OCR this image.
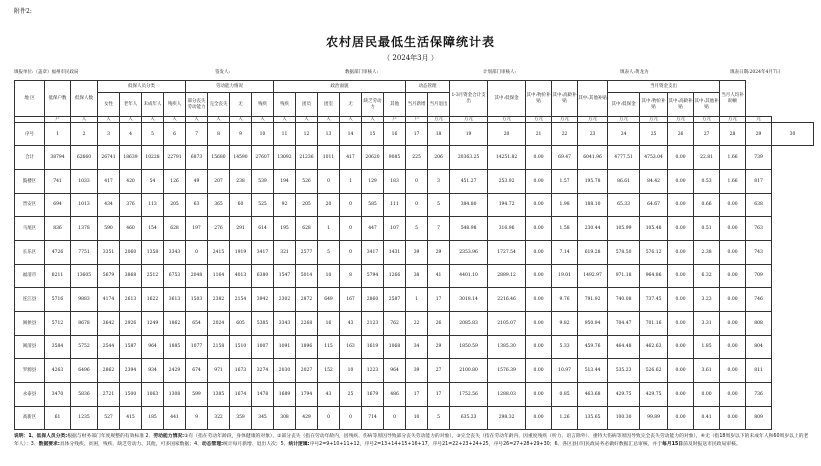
附件2:
农村居民最低生活保障统计表
（ 2024年3月 ）
填报单位:（盖章）福州市民政局	签发人:	数据部门审核人:	计划部门审核人:	填表人:黄龙为	填表日期:2024年4月7日
地 区	低保户数	低保人数	低保人员分类				劳动能力情况				政治面貌						动态管理		1-3月资金合计支出	其中:低保金	其中:物价补贴	其中:高龄补贴	其中:其他补贴	当月资金支出				当月人均补助额		
			女性	老年人	未成年人	残疾人	部分丧失劳动能力	完全丧失	无	残疾	残疾	团员	团室	无	缺乏劳动力	其他	当月新增	当月退出						其中:低保金	其中:物价补贴	其中:高龄补贴	其中:其他补贴			
	户	人	人	人	人	人	人	人	人	人	人	人	人	人	人	户	户	万元	万元	万元	万元	万元	万元	万元	万元	万元	万元	万元	元	
序号	1	2	3	4	5	6	7	8	9	10	11	12	13	14	15	16	17	18	19	20	21	22	23	24	25	26	27	28	29	30
合计	38794	62660	26741	18639	10228	22791	6873	15680	14590	27607	13092	21236	1011	417	20620	9085	225	206	20363.25	14251.82	0.00	69.47	6041.96	4777.51	4753.04	0.00	22.81	1.66	739	
鼓楼区	741	1033	417	420	54	126	49	207	238	539	194	526	0	1	129	183	0	3	451.27	253.92	0.00	1.57	195.78	86.61	84.42	0.00	0.53	1.66	817	
晋安区	694	1013	434	376	113	205	63	365	60	525	92	205	20	0	585	111	0	5	384.80	194.72	0.00	1.98	188.10	65.33	64.67	0.00	0.66	0.00	638	
马尾区	836	1378	590	460	154	628	197	276	291	614	195	628	1	0	447	107	5	7	548.98	316.96	0.00	1.58	230.44	105.99	105.48	0.00	0.51	0.00	763	
长乐区	4726	7751	3351	2060	1358	3343	0	2415	1919	3417	321	2577	5	0	3417	1431	39	29	2353.96	1727.54	0.00	7.14	619.28	578.50	576.12	0.00	2.38	0.00	743	
福清市	8211	13605	5679	3868	2512	6753	2048	1164	4013	6380	1547	5014	10	8	5794	1266	38	41	4401.10	2889.12	0.00	19.01	1492.97	971.18	964.86	0.00	6.32	0.00	709	
连江县	5716	9883	4174	2613	1622	3613	1503	2382	2154	3942	2302	2872	649	167	2860	2587	1	17	3018.14	2216.46	0.00	9.76	791.92	740.08	737.45	0.00	3.23	0.00	746	
闽侯县	5712	8678	3642	2926	1249	1862	654	2024	605	5385	3343	2268	16	43	2123	762	22	26	2085.83	2105.07	0.00	9.82	950.94	704.47	701.16	0.00	3.31	0.00	808	
闽清县	3584	5752	2544	1587	964	1885	1077	2158	1510	1007	1091	1896	115	163	1619	1068	34	29	1850.59	1385.30	0.00	5.33	459.76	464.48	462.63	0.00	1.85	0.00	804	
罗源县	4263	6496	2862	2394	934	2429	674	971	1673	3274	2030	2027	152	10	1223	964	39	27	2100.80	1576.39	0.00	10.97	513.44	535.23	526.62	0.00	3.61	0.00	811	
永泰县	3470	5836	2721	1500	1063	1308	599	1385	1674	1478	1689	1794	43	25	1679	486	17	17	1752.56	1288.03	0.00	0.85	463.68	429.75	429.75	0.00	0.00	0.00	736	
高新区	61	1235	527	415	185	441	9	322	359	345	308	429	0	0	714	0	10	5	635.23	298.32	0.00	1.26	135.65	100.30	99.89	0.00	0.41	0.00	809	
说明：1、低保人员分类:根据与财务部门年度规整的有效标准 2、劳动能力情况:①有（指在劳动年龄段，身体健康的对象），②部分丧失（指在劳动年龄内，因残疾、伤病等原因导致部分丧失劳动能力的对象），③完全丧失（指在劳动年龄内，因重度残疾（听力、语言除外）、重特大伤病等原因导致完全丧失劳动能力的对象），④无（指18周岁以下的未成年人和60周岁以上的老年人）；3、数据要求:具体分残疾、贫困，残疾、缺乏劳动力、其他，可多国家数据；4、动态管理:统计每月新增、退出人次；5、统计逻辑:序号2=9+10+11+12，序号2=13+14+15+16+17，序号21=22+23+24+25，序号26=27+28+29+30；6、各区县(市)民政局务必做好数据汇总审核，并于每月15日前及时报送市民政局审核。
